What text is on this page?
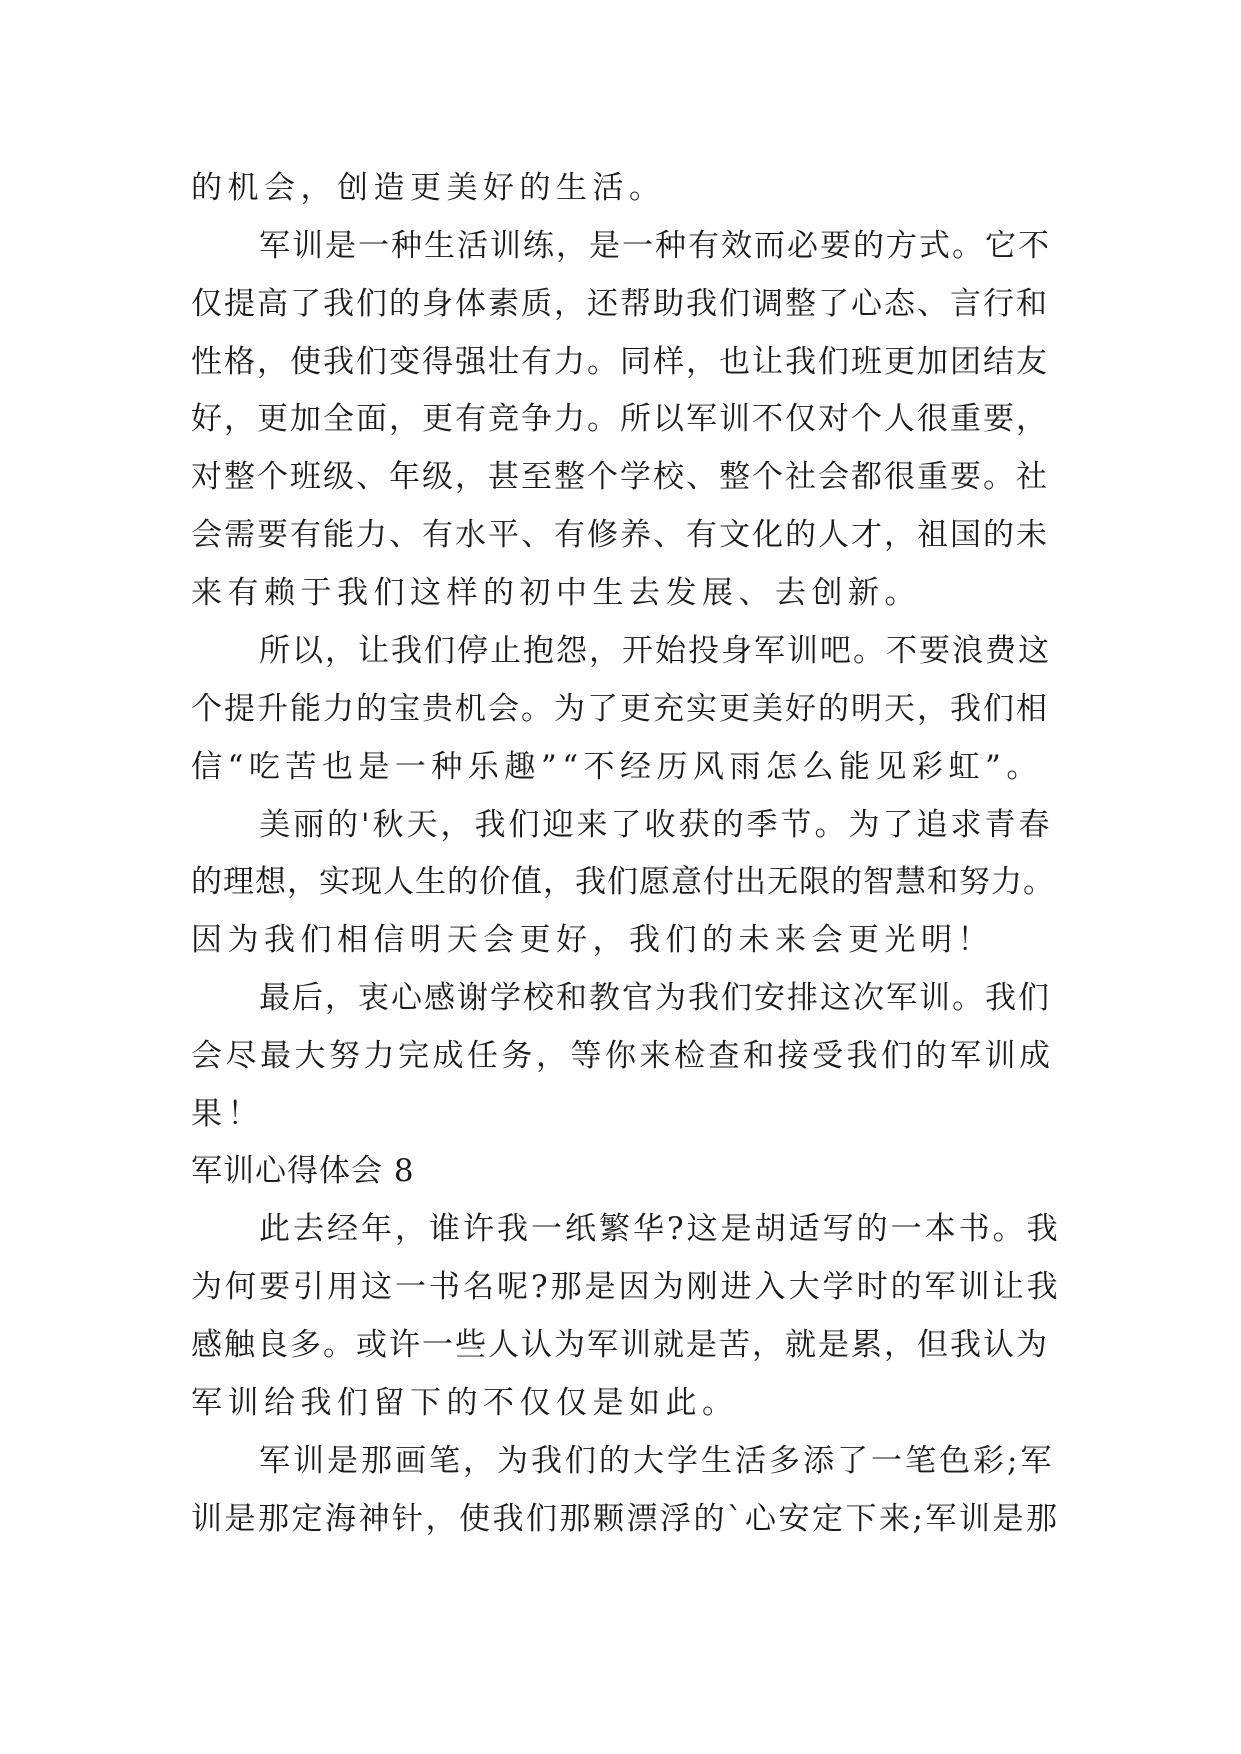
的机会，创造更美好的生活。
军训是一种生活训练，是一种有效而必要的方式。它不
仅提高了我们的身体素质，还帮助我们调整了心态、言行和
性格，使我们变得强壮有力。同样，也让我们班更加团结友
好，更加全面，更有竞争力。所以军训不仅对个人很重要，
对整个班级、年级，甚至整个学校、整个社会都很重要。社
会需要有能力、有水平、有修养、有文化的人才，祖国的未
来有赖于我们这样的初中生去发展、去创新。
所以，让我们停止抱怨，开始投身军训吧。不要浪费这
个提升能力的宝贵机会。为了更充实更美好的明天，我们相
信“吃苦也是一种乐趣”“不经历风雨怎么能见彩虹”。
美丽的'秋天，我们迎来了收获的季节。为了追求青春
的理想，实现人生的价值，我们愿意付出无限的智慧和努力。
因为我们相信明天会更好，我们的未来会更光明！
最后，衷心感谢学校和教官为我们安排这次军训。我们
会尽最大努力完成任务，等你来检查和接受我们的军训成
果！
军训心得体会 8
此去经年，谁许我一纸繁华?这是胡适写的一本书。我
为何要引用这一书名呢?那是因为刚进入大学时的军训让我
感触良多。或许一些人认为军训就是苦，就是累，但我认为
军训给我们留下的不仅仅是如此。
军训是那画笔，为我们的大学生活多添了一笔色彩;军
训是那定海神针，使我们那颗漂浮的`心安定下来;军训是那
